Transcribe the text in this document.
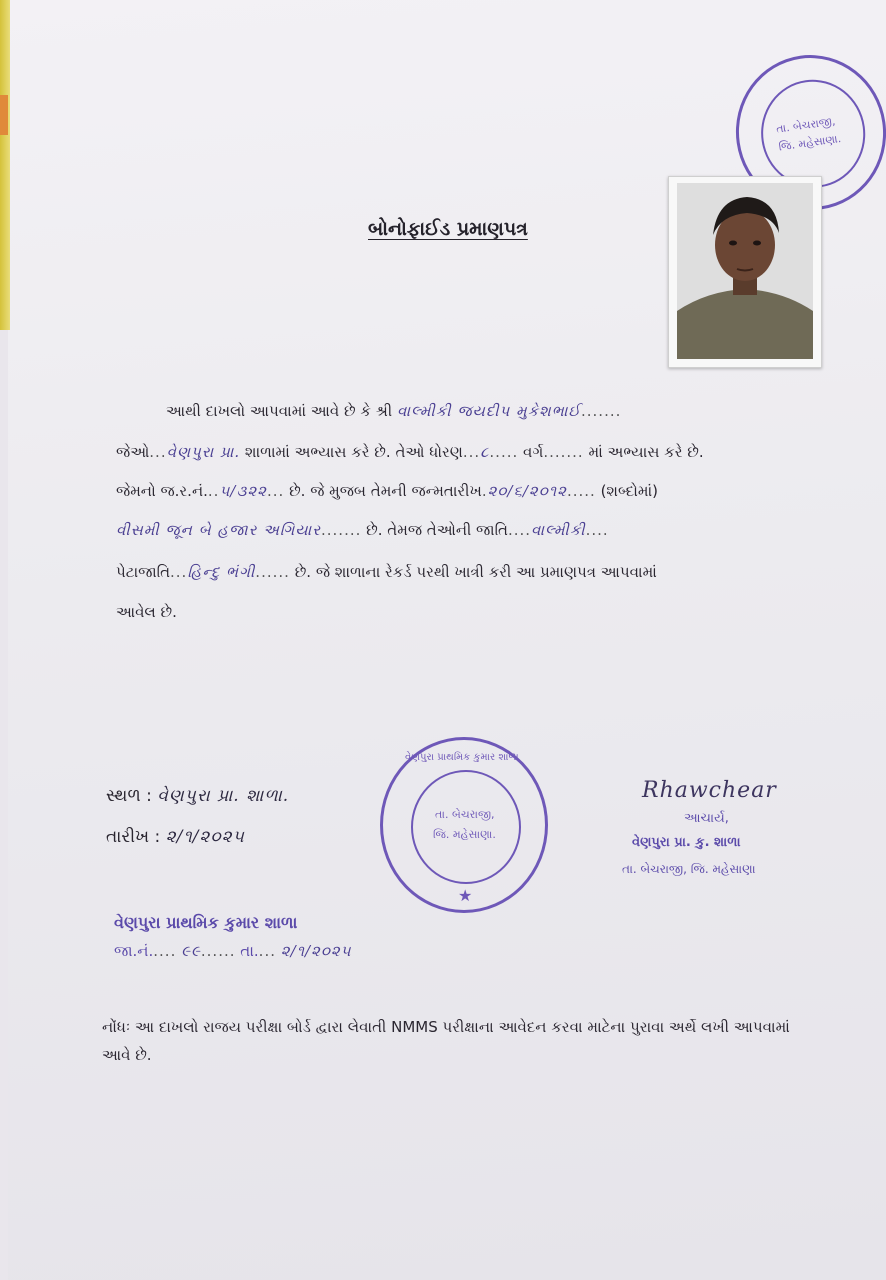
તા. બેચરાજી,
જિ. મહેસાણા.
બોનોફાઈડ પ્રમાણપત્ર
આથી દાખલો આપવામાં આવે છે કે શ્રી વાલ્મીકી જયદીપ મુકેશભાઈ.......
જેઓ...વેણપુરા પ્રા. શાળામાં અભ્યાસ કરે છે. તેઓ ધોરણ...૮..... વર્ગ....... માં અભ્યાસ કરે છે.
જેમનો જ.ર.નં...૫/૩૨૨... છે. જે મુજબ તેમની જન્મતારીખ.૨૦/૬/૨૦૧૨..... (શબ્દોમાં)
વીસમી જૂન બે હજાર અગિયાર....... છે. તેમજ તેઓની જાતિ....વાલ્મીકી....
પેટાજાતિ...હિન્દુ ભંગી...... છે. જે શાળાના રેકર્ડ પરથી ખાત્રી કરી આ પ્રમાણપત્ર આપવામાં
આવેલ છે.
વેણપુરા પ્રાથમિક કુમાર શાળા
તા. બેચરાજી,
જિ. મહેસાણા.
★
સ્થળ : વેણપુરા પ્રા. શાળા.
તારીખ : ૨/૧/૨૦૨૫
Rhawchear
આચાર્ય,
વેણપુરા પ્રા. કુ. શાળા
તા. બેચરાજી, જિ. મહેસાણા
વેણપુરા પ્રાથમિક કુમાર શાળા
જા.નં..... ૯૯...... તા.... ૨/૧/૨૦૨૫
નોંધઃ આ દાખલો રાજય પરીક્ષા બોર્ડ દ્વારા લેવાતી NMMS પરીક્ષાના આવેદન કરવા માટેના પુરાવા અર્થે લખી આપવામાં આવે છે.
